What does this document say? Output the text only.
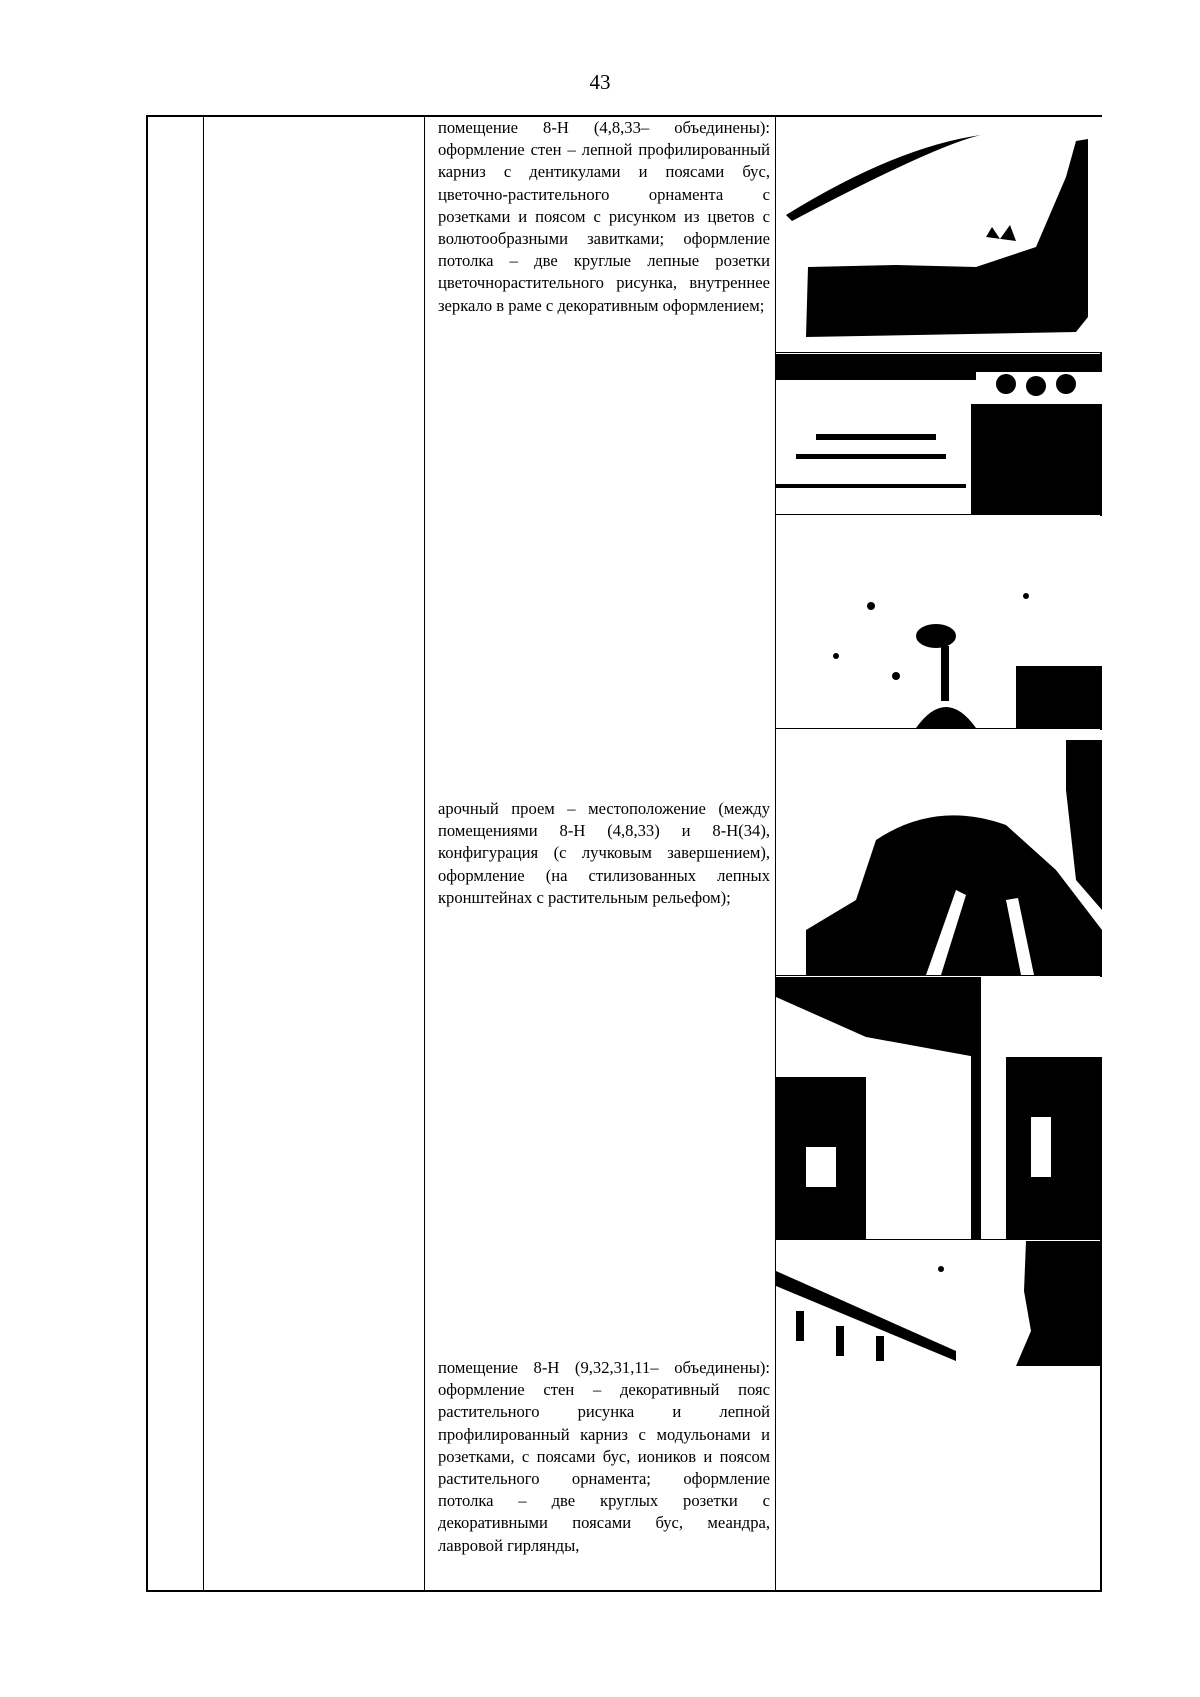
43
помещение 8-Н (4,8,33– объединены): оформление стен – лепной профилированный карниз с дентикулами и поясами бус, цветочно-растительного орнамента с розетками и поясом с рисунком из цветов с волютообразными завитками; оформление потолка – две круглые лепные розетки цветочнорастительного рисунка, внутреннее зеркало в раме с декоративным оформлением;
арочный проем – местоположение (между помещениями 8-Н (4,8,33) и 8-Н(34), конфигурация (с лучковым завершением), оформление (на стилизованных лепных кронштейнах с растительным рельефом);
помещение 8-Н (9,32,31,11– объединены): оформление стен – декоративный пояс растительного рисунка и лепной профилированный карниз с модульонами и розетками, с поясами бус, иоников и поясом растительного орнамента; оформление потолка – две круглых розетки с декоративными поясами бус, меандра, лавровой гирлянды,
